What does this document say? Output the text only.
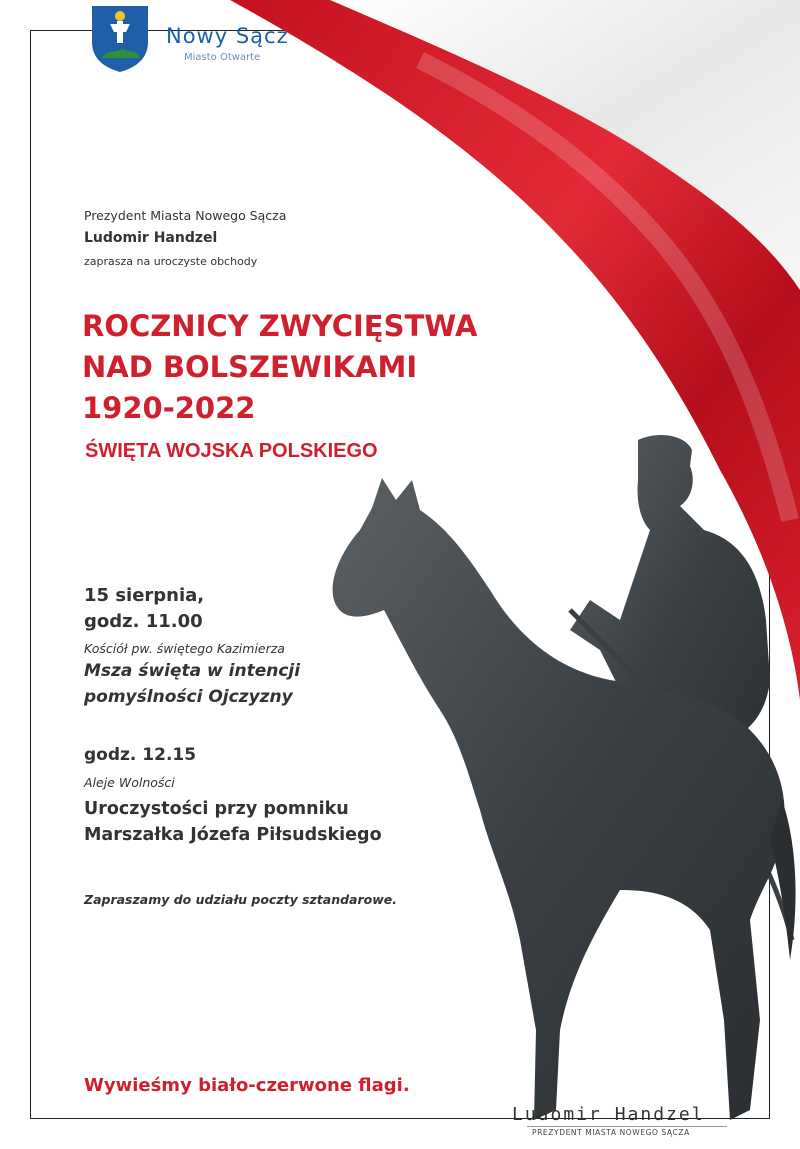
Nowy Sącz
Miasto Otwarte
Prezydent Miasta Nowego Sącza
Ludomir Handzel
zaprasza na uroczyste obchody
ROCZNICY ZWYCIĘSTWA
NAD BOLSZEWIKAMI
1920-2022
ŚWIĘTA WOJSKA POLSKIEGO
15 sierpnia,
godz. 11.00
Kościół pw. świętego Kazimierza
Msza święta w intencji
pomyślności Ojczyzny
godz. 12.15
Aleje Wolności
Uroczystości przy pomniku
Marszałka Józefa Piłsudskiego
Zapraszamy do udziału poczty sztandarowe.
Wywieśmy biało-czerwone flagi.
Ludomir Handzel
PREZYDENT MIASTA NOWEGO SĄCZA
